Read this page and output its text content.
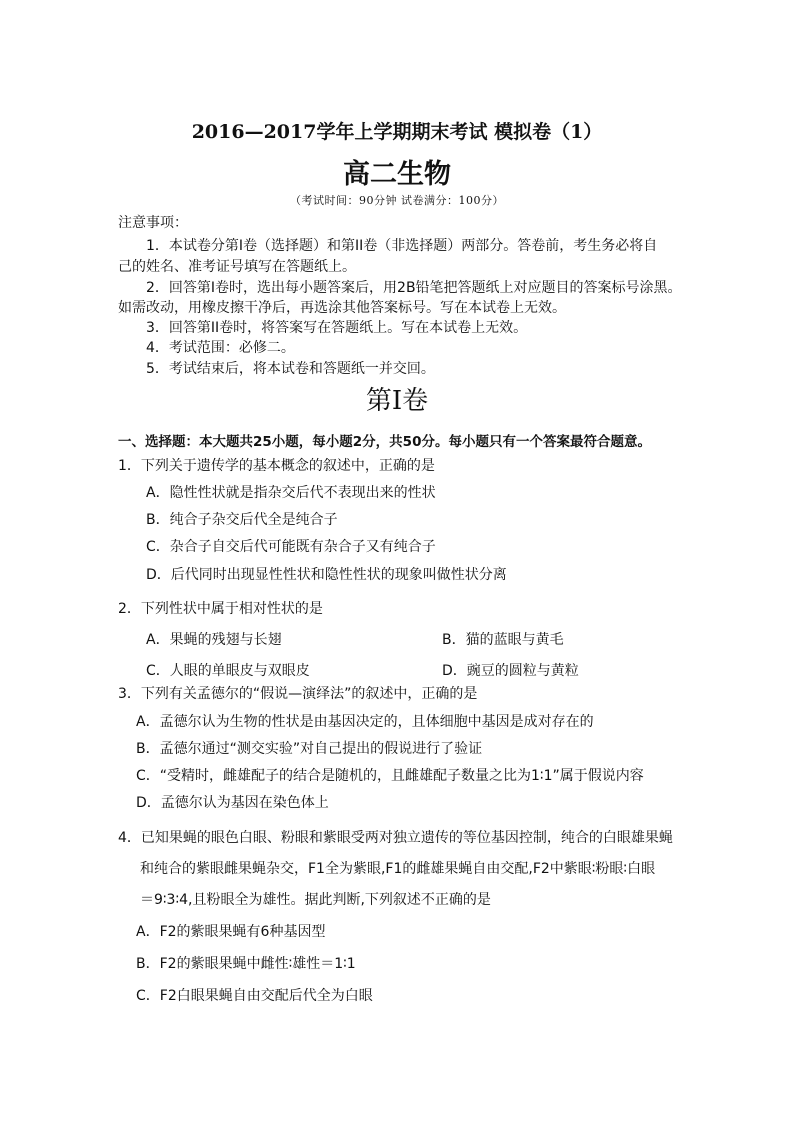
2016—2017学年上学期期末考试 模拟卷（1）
高二生物
（考试时间：90分钟 试卷满分：100分）
注意事项：
1．本试卷分第I卷（选择题）和第II卷（非选择题）两部分。答卷前，考生务必将自
己的姓名、准考证号填写在答题纸上。
2．回答第I卷时，选出每小题答案后，用2B铅笔把答题纸上对应题目的答案标号涂黑。
如需改动，用橡皮擦干净后，再选涂其他答案标号。写在本试卷上无效。
3．回答第II卷时，将答案写在答题纸上。写在本试卷上无效。
4．考试范围：必修二。
5．考试结束后，将本试卷和答题纸一并交回。
第I卷
一、选择题：本大题共25小题，每小题2分，共50分。每小题只有一个答案最符合题意。
1．下列关于遗传学的基本概念的叙述中，正确的是
A．隐性性状就是指杂交后代不表现出来的性状
B．纯合子杂交后代全是纯合子
C．杂合子自交后代可能既有杂合子又有纯合子
D．后代同时出现显性性状和隐性性状的现象叫做性状分离
2．下列性状中属于相对性状的是
A．果蝇的残翅与长翅	B．猫的蓝眼与黄毛
C．人眼的单眼皮与双眼皮	D．豌豆的圆粒与黄粒
3．下列有关孟德尔的“假说—演绎法”的叙述中，正确的是
A．孟德尔认为生物的性状是由基因决定的，且体细胞中基因是成对存在的
B．孟德尔通过“测交实验”对自己提出的假说进行了验证
C．“受精时，雌雄配子的结合是随机的，且雌雄配子数量之比为1∶1”属于假说内容
D．孟德尔认为基因在染色体上
4．已知果蝇的眼色白眼、粉眼和紫眼受两对独立遗传的等位基因控制，纯合的白眼雄果蝇
和纯合的紫眼雌果蝇杂交，F1全为紫眼,F1的雌雄果蝇自由交配,F2中紫眼∶粉眼∶白眼
＝9∶3∶4,且粉眼全为雄性。据此判断,下列叙述不正确的是
A．F2的紫眼果蝇有6种基因型
B．F2的紫眼果蝇中雌性∶雄性＝1∶1
C．F2白眼果蝇自由交配后代全为白眼
